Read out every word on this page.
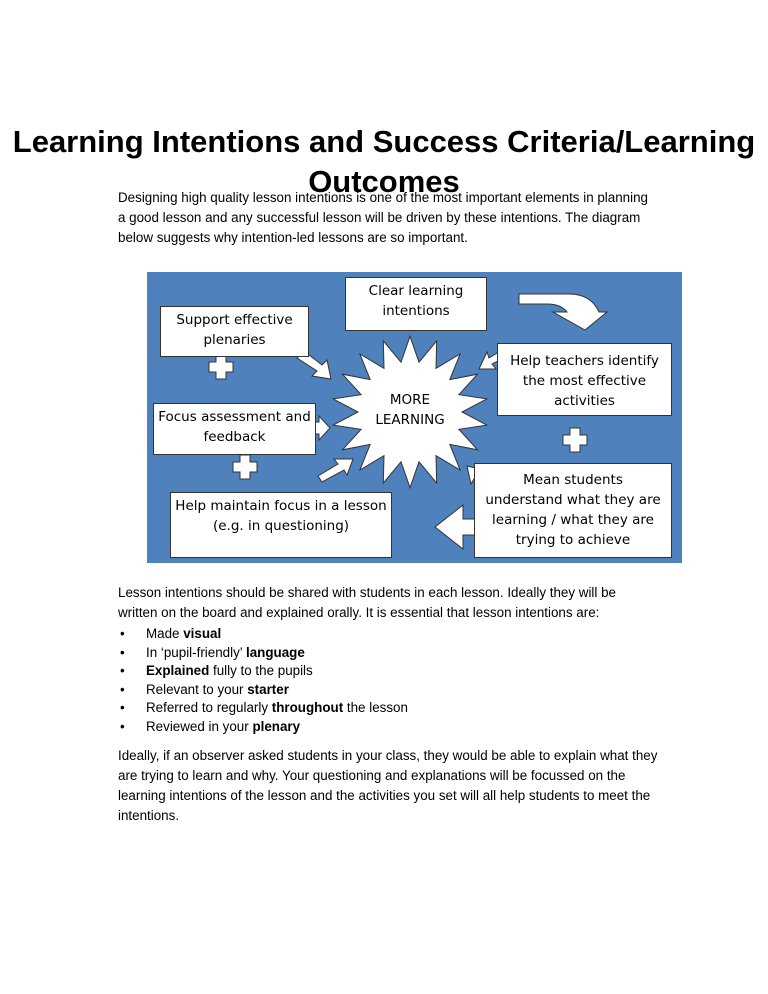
Learning Intentions and Success Criteria/Learning Outcomes

Designing high quality lesson intentions is one of the most important elements in planning a good lesson and any successful lesson will be driven by these intentions. The diagram below suggests why intention-led lessons are so important.

Clear learning intentions
Support effective plenaries
Focus assessment and feedback
Help maintain focus in a lesson (e.g. in questioning)
Help teachers identify the most effective activities
Mean students understand what they are learning / what they are trying to achieve
MORE LEARNING

Lesson intentions should be shared with students in each lesson. Ideally they will be written on the board and explained orally. It is essential that lesson intentions are:

• Made visual
• In ‘pupil-friendly’ language
• Explained fully to the pupils
• Relevant to your starter
• Referred to regularly throughout the lesson
• Reviewed in your plenary

Ideally, if an observer asked students in your class, they would be able to explain what they are trying to learn and why. Your questioning and explanations will be focussed on the learning intentions of the lesson and the activities you set will all help students to meet the intentions.
